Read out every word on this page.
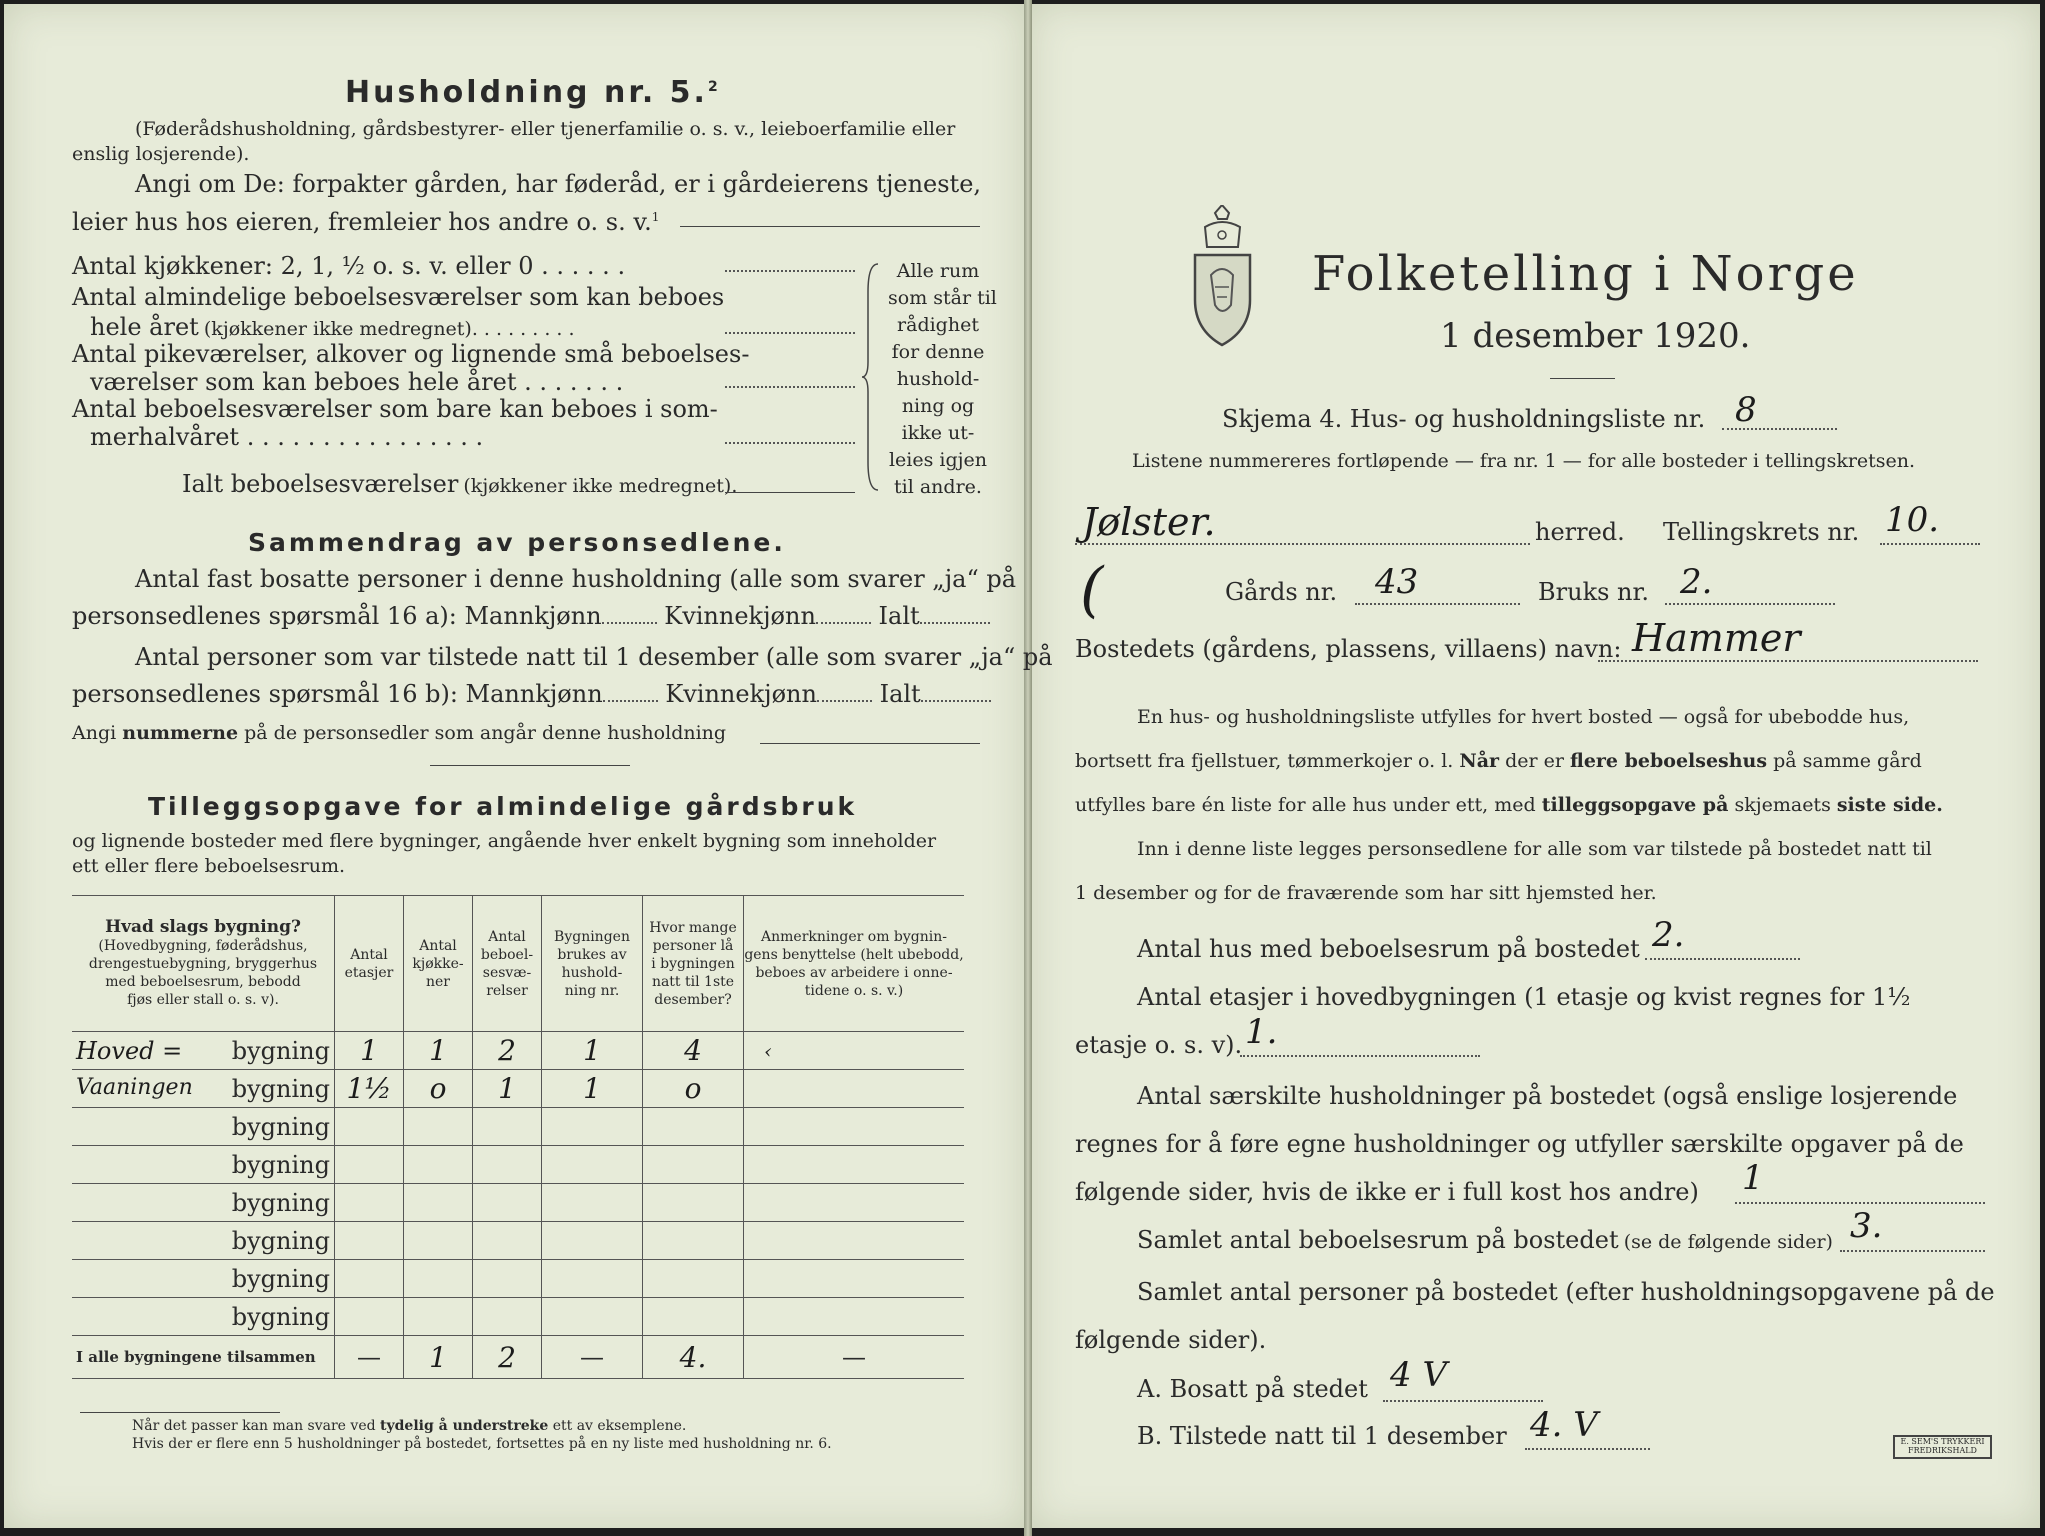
Husholdning nr. 5.$^2$
(Føderådshusholdning, gårdsbestyrer- eller tjenerfamilie o. s. v., leieboerfamilie eller
enslig losjerende).
Angi om De: forpakter gården, har føderåd, er i gårdeierens tjeneste,
leier hus hos eieren, fremleier hos andre o. s. v.$^1$
Antal kjøkkener: 2, 1, ½ o. s. v. eller 0 . . . . . .
Antal almindelige beboelsesværelser som kan beboes
hele året (kjøkkener ikke medregnet). . . . . . . . .
Antal pikeværelser, alkover og lignende små beboelses-
værelser som kan beboes hele året . . . . . . .
Antal beboelsesværelser som bare kan beboes i som-
merhalvåret . . . . . . . . . . . . . . . .
Ialt beboelsesværelser (kjøkkener ikke medregnet).
Alle rum
som står til
rådighet
for denne
hushold-
ning og
ikke ut-
leies igjen
til andre.
Sammendrag av personsedlene.
Antal fast bosatte personer i denne husholdning (alle som svarer „ja“ på
personsedlenes spørsmål 16 a): Mannkjønn	Kvinnekjønn	Ialt
Antal personer som var tilstede natt til 1 desember (alle som svarer „ja“ på
personsedlenes spørsmål 16 b): Mannkjønn	Kvinnekjønn	Ialt
Angi nummerne på de personsedler som angår denne husholdning
Tilleggsopgave for almindelige gårdsbruk
og lignende bosteder med flere bygninger, angående hver enkelt bygning som inneholder
ett eller flere beboelsesrum.
Hvad slags bygning?
(Hovedbygning, føderådshus,
drengestuebygning, bryggerhus
med beboelsesrum, bebodd
fjøs eller stall o. s. v).	Antal
etasjer	Antal
kjøkke-
ner	Antal
beboel-
sesvæ-
relser	Bygningen
brukes av
hushold-
ning nr.	Hvor mange
personer lå
i bygningen
natt til 1ste
desember?	Anmerkninger om bygnin-
gens benyttelse (helt ubebodd,
beboes av arbeidere i onne-
tidene o. s. v.)

Hoved = bygning	1	1	2	1	4	‹

Vaaningen bygning	1½	o	1	1	o	
bygning						
bygning						
bygning						
bygning						
bygning						
bygning						
I alle bygningene tilsammen	—	1	2	—	4.	—
Når det passer kan man svare ved tydelig å understreke ett av eksemplene.
Hvis der er flere enn 5 husholdninger på bostedet, fortsettes på en ny liste med husholdning nr. 6.
Folketelling i Norge
1 desember 1920.
Skjema 4. Hus- og husholdningsliste nr. 8
Listene nummereres fortløpende — fra nr. 1 — for alle bosteder i tellingskretsen.
Jølster.	herred. Tellingskrets nr. 10.
(	Gårds nr. 43	Bruks nr. 2.
Bostedets (gårdens, plassens, villaens) navn: Hammer
En hus- og husholdningsliste utfylles for hvert bosted — også for ubebodde hus,
bortsett fra fjellstuer, tømmerkojer o. l. Når der er flere beboelseshus på samme gård
utfylles bare én liste for alle hus under ett, med tilleggsopgave på skjemaets siste side.
Inn i denne liste legges personsedlene for alle som var tilstede på bostedet natt til
1 desember og for de fraværende som har sitt hjemsted her.
Antal hus med beboelsesrum på bostedet 2.
Antal etasjer i hovedbygningen (1 etasje og kvist regnes for 1½
etasje o. s. v). 1.
Antal særskilte husholdninger på bostedet (også enslige losjerende
regnes for å føre egne husholdninger og utfyller særskilte opgaver på de
følgende sider, hvis de ikke er i full kost hos andre) 1
Samlet antal beboelsesrum på bostedet (se de følgende sider) 3.
Samlet antal personer på bostedet (efter husholdningsopgavene på de
følgende sider).
A. Bosatt på stedet 4 V
B. Tilstede natt til 1 desember 4. V	E. SEM'S TRYKKERI FREDRIKSHALD
